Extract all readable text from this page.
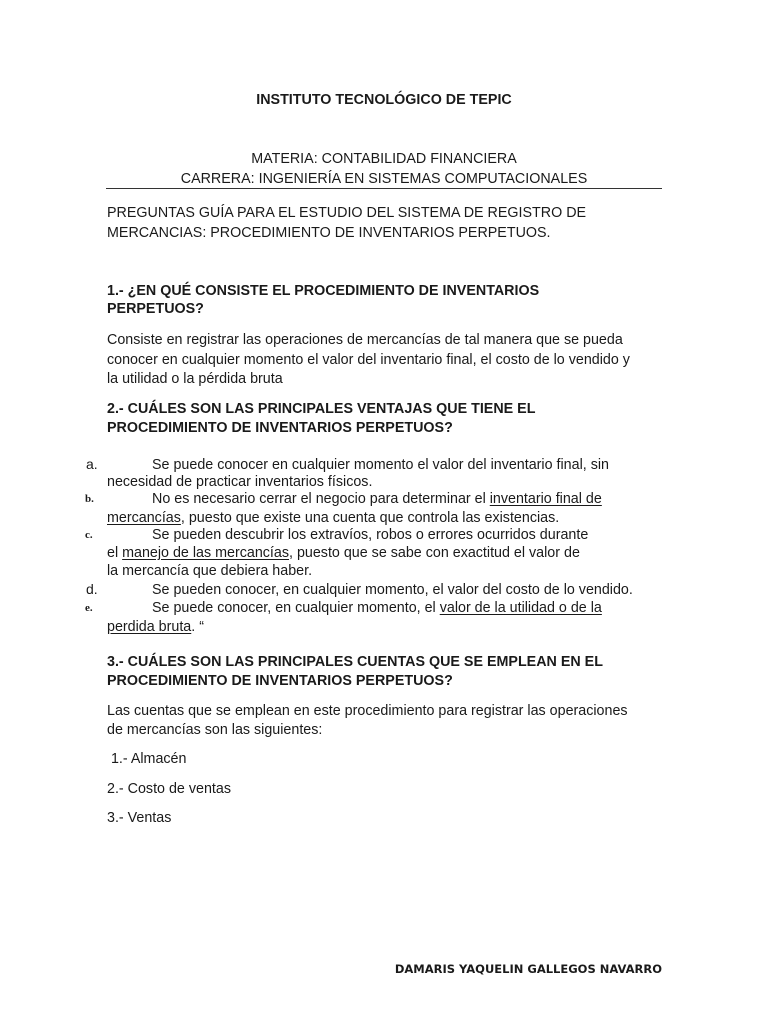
INSTITUTO TECNOLÓGICO DE TEPIC
MATERIA: CONTABILIDAD FINANCIERA
CARRERA: INGENIERÍA EN SISTEMAS COMPUTACIONALES
PREGUNTAS GUÍA PARA EL ESTUDIO DEL SISTEMA DE REGISTRO DE
MERCANCIAS: PROCEDIMIENTO DE INVENTARIOS PERPETUOS.
1.- ¿EN QUÉ CONSISTE EL PROCEDIMIENTO DE INVENTARIOS
PERPETUOS?
Consiste en registrar las operaciones de mercancías de tal manera que se pueda
conocer en cualquier momento el valor del inventario final, el costo de lo vendido y
la utilidad o la pérdida bruta
2.- CUÁLES SON LAS PRINCIPALES VENTAJAS QUE TIENE EL
PROCEDIMIENTO DE INVENTARIOS PERPETUOS?
a.	Se puede conocer en cualquier momento el valor del inventario final, sin
necesidad de practicar inventarios físicos.
b.	No es necesario cerrar el negocio para determinar el inventario final de
mercancías, puesto que existe una cuenta que controla las existencias.
c.	Se pueden descubrir los extravíos, robos o errores ocurridos durante
el manejo de las mercancías, puesto que se sabe con exactitud el valor de
la mercancía que debiera haber.
d.	Se pueden conocer, en cualquier momento, el valor del costo de lo vendido.
e.	Se puede conocer, en cualquier momento, el valor de la utilidad o de la
perdida bruta. “
3.- CUÁLES SON LAS PRINCIPALES CUENTAS QUE SE EMPLEAN EN EL
PROCEDIMIENTO DE INVENTARIOS PERPETUOS?
Las cuentas que se emplean en este procedimiento para registrar las operaciones
de mercancías son las siguientes:
1.- Almacén
2.- Costo de ventas
3.- Ventas
DAMARIS YAQUELIN GALLEGOS NAVARRO
